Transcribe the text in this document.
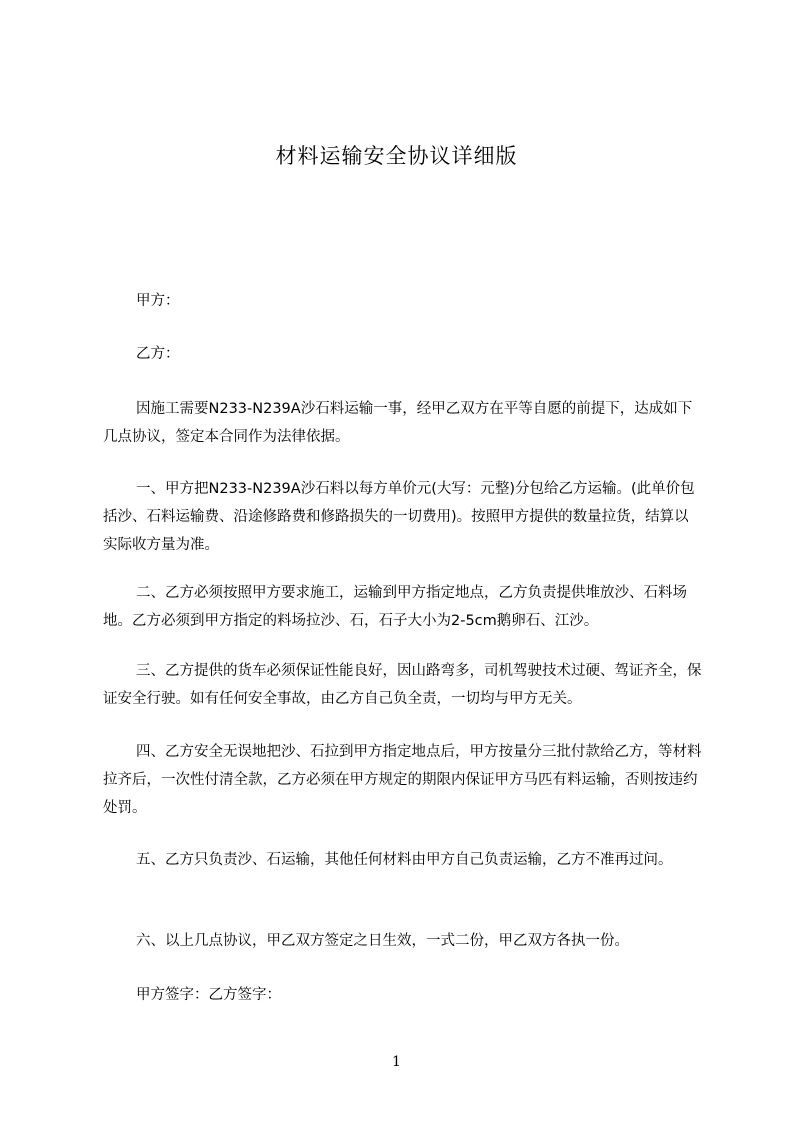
材料运输安全协议详细版
甲方：
乙方：
因施工需要N233-N239A沙石料运输一事，经甲乙双方在平等自愿的前提下，达成如下几点协议，签定本合同作为法律依据。
一、甲方把N233-N239A沙石料以每方单价元(大写：元整)分包给乙方运输。(此单价包括沙、石料运输费、沿途修路费和修路损失的一切费用)。按照甲方提供的数量拉货，结算以实际收方量为准。
二、乙方必须按照甲方要求施工，运输到甲方指定地点，乙方负责提供堆放沙、石料场地。乙方必须到甲方指定的料场拉沙、石，石子大小为2-5cm鹅卵石、江沙。
三、乙方提供的货车必须保证性能良好，因山路弯多，司机驾驶技术过硬、驾证齐全，保证安全行驶。如有任何安全事故，由乙方自己负全责，一切均与甲方无关。
四、乙方安全无误地把沙、石拉到甲方指定地点后，甲方按量分三批付款给乙方，等材料拉齐后，一次性付清全款，乙方必须在甲方规定的期限内保证甲方马匹有料运输，否则按违约处罚。
五、乙方只负责沙、石运输，其他任何材料由甲方自己负责运输，乙方不准再过问。
六、以上几点协议，甲乙双方签定之日生效，一式二份，甲乙双方各执一份。
甲方签字：乙方签字：
1
